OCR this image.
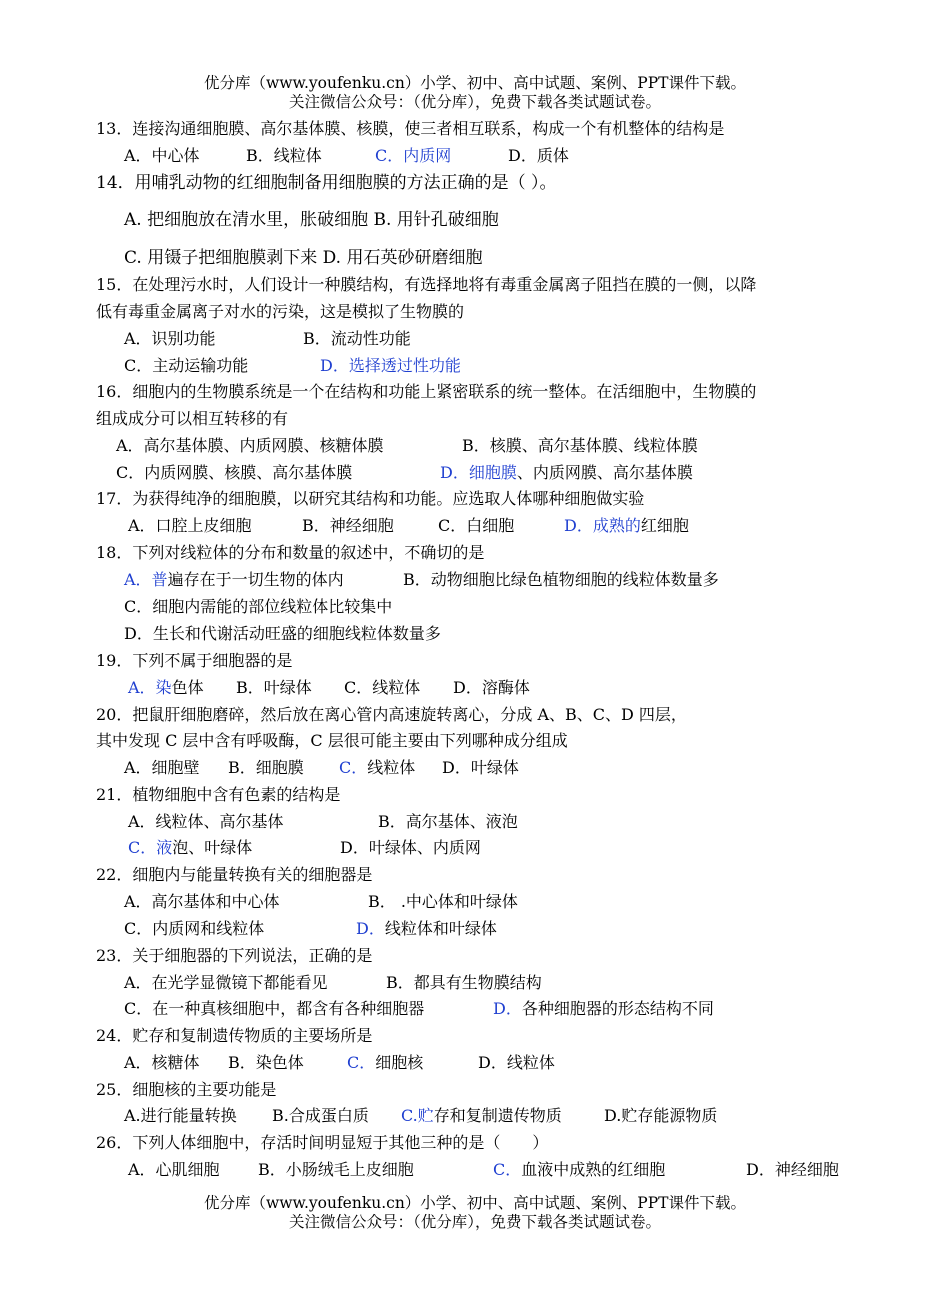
优分库（www.youfenku.cn）小学、初中、高中试题、案例、PPT课件下载。
关注微信公众号：（优分库），免费下载各类试题试卷。
13．连接沟通细胞膜、高尔基体膜、核膜，使三者相互联系，构成一个有机整体的结构是
A．中心体	B．线粒体	C．内质网	D．质体
14．用哺乳动物的红细胞制备用细胞膜的方法正确的是（ ）。
A. 把细胞放在清水里，胀破细胞 B. 用针孔破细胞
C. 用镊子把细胞膜剥下来 D. 用石英砂研磨细胞
15．在处理污水时，人们设计一种膜结构，有选择地将有毒重金属离子阻挡在膜的一侧，以降
低有毒重金属离子对水的污染，这是模拟了生物膜的
A．识别功能	B．流动性功能
C．主动运输功能	D．选择透过性功能
16．细胞内的生物膜系统是一个在结构和功能上紧密联系的统一整体。在活细胞中，生物膜的
组成成分可以相互转移的有
A．高尔基体膜、内质网膜、核糖体膜	B．核膜、高尔基体膜、线粒体膜
C．内质网膜、核膜、高尔基体膜	D．细胞膜、内质网膜、高尔基体膜
17．为获得纯净的细胞膜，以研究其结构和功能。应选取人体哪种细胞做实验
A．口腔上皮细胞	B．神经细胞	C．白细胞	D．成熟的红细胞
18．下列对线粒体的分布和数量的叙述中，不确切的是
A．普遍存在于一切生物的体内	B．动物细胞比绿色植物细胞的线粒体数量多
C．细胞内需能的部位线粒体比较集中
D．生长和代谢活动旺盛的细胞线粒体数量多
19．下列不属于细胞器的是
A．染色体 B．叶绿体 C．线粒体 D．溶酶体
20．把鼠肝细胞磨碎，然后放在离心管内高速旋转离心，分成 A、B、C、D 四层，
其中发现 C 层中含有呼吸酶，C 层很可能主要由下列哪种成分组成
A．细胞壁 B．细胞膜 C．线粒体 D．叶绿体
21．植物细胞中含有色素的结构是
A．线粒体、高尔基体	B．高尔基体、液泡
C．液泡、叶绿体	D．叶绿体、内质网
22．细胞内与能量转换有关的细胞器是
A．高尔基体和中心体	B． .中心体和叶绿体
C．内质网和线粒体	D．线粒体和叶绿体
23．关于细胞器的下列说法，正确的是
A．在光学显微镜下都能看见	B．都具有生物膜结构
C．在一种真核细胞中，都含有各种细胞器	D．各种细胞器的形态结构不同
24．贮存和复制遗传物质的主要场所是
A．核糖体 B．染色体	C．细胞核	D．线粒体
25．细胞核的主要功能是
A.进行能量转换 B.合成蛋白质 C.贮存和复制遗传物质	D.贮存能源物质
26．下列人体细胞中，存活时间明显短于其他三种的是（　　）
A．心肌细胞 B．小肠绒毛上皮细胞	C．血液中成熟的红细胞	D．神经细胞
优分库（www.youfenku.cn）小学、初中、高中试题、案例、PPT课件下载。
关注微信公众号：（优分库），免费下载各类试题试卷。
